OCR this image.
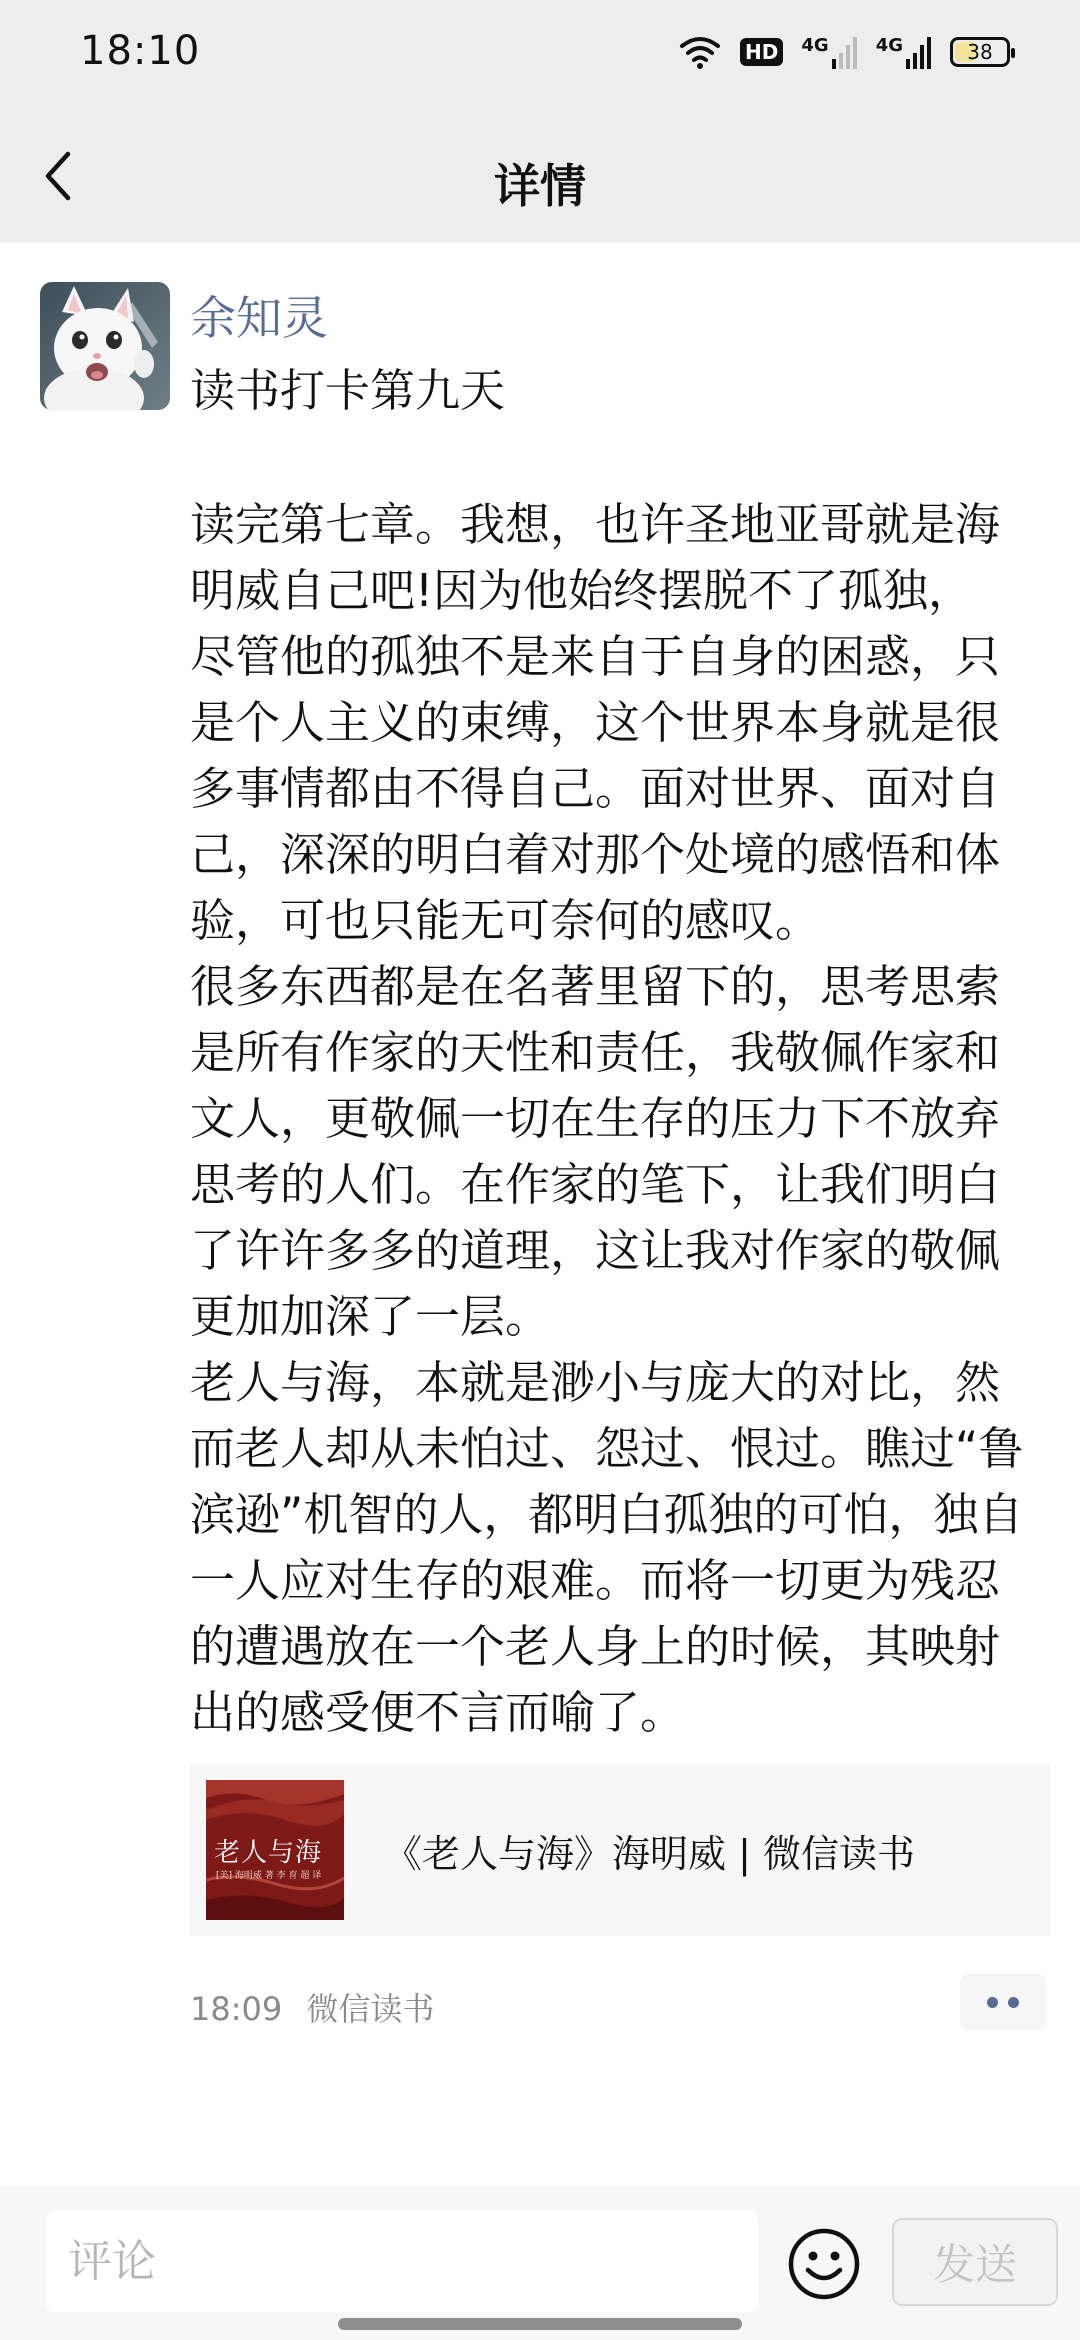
18:10	HD 4G	4G	38
详情
余知灵
读书打卡第九天
读完第七章。我想，也许圣地亚哥就是海明威自己吧!因为他始终摆脱不了孤独，
尽管他的孤独不是来自于自身的困惑，只是个人主义的束缚，这个世界本身就是很多事情都由不得自己。面对世界、面对自己，深深的明白着对那个处境的感悟和体验，可也只能无可奈何的感叹。
很多东西都是在名著里留下的，思考思索是所有作家的天性和责任，我敬佩作家和文人，更敬佩一切在生存的压力下不放弃思考的人们。在作家的笔下，让我们明白了许许多多的道理，这让我对作家的敬佩更加加深了一层。
老人与海，本就是渺小与庞大的对比，然而老人却从未怕过、怨过、恨过。瞧过“鲁滨逊”机智的人，都明白孤独的可怕，独自一人应对生存的艰难。而将一切更为残忍的遭遇放在一个老人身上的时候，其映射出的感受便不言而喻了。
老人与海
[美] 海明威 著 李 育 超 译
《老人与海》海明威 | 微信读书
18:09 微信读书
评论
发送
